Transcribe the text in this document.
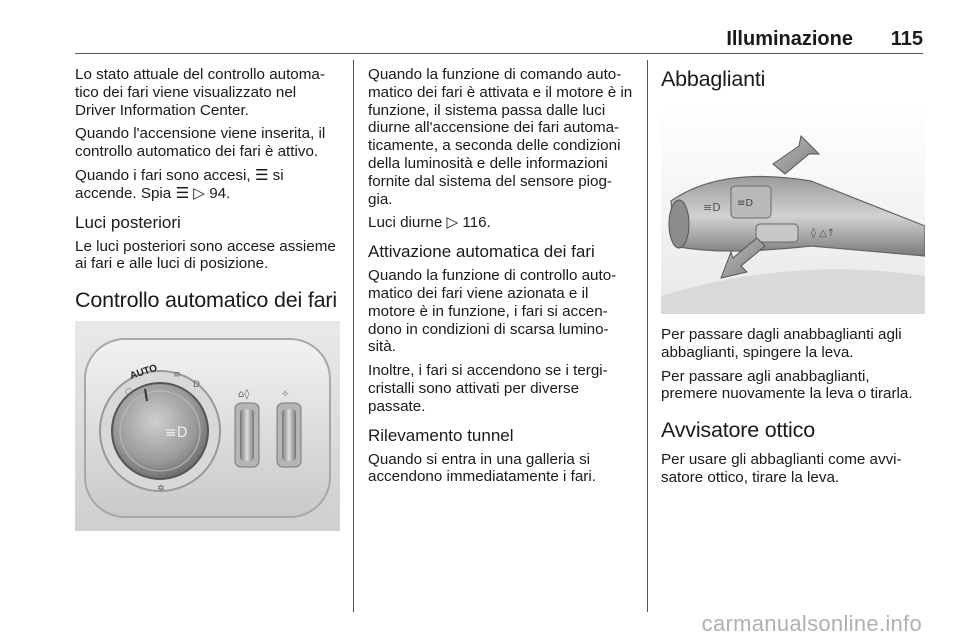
Illuminazione 115

Lo stato attuale del controllo automa-tico dei fari viene visualizzato nel Driver Information Center.

Quando l'accensione viene inserita, il controllo automatico dei fari è attivo.

Quando i fari sono accesi, ☰ si accende. Spia ☰ ▷ 94.

Luci posteriori

Le luci posteriori sono accese assieme ai fari e alle luci di posizione.

Controllo automatico dei fari
AUTO
≡D
○
≡
D
✲
⌂◊	✧

Quando la funzione di comando auto-matico dei fari è attivata e il motore è in funzione, il sistema passa dalle luci diurne all'accensione dei fari automa-ticamente, a seconda delle condizioni della luminosità e delle informazioni fornite dal sistema del sensore piog-gia.

Luci diurne ▷ 116.

Attivazione automatica dei fari

Quando la funzione di controllo auto-matico dei fari viene azionata e il motore è in funzione, i fari si accen-dono in condizioni di scarsa lumino-sità.

Inoltre, i fari si accendono se i tergi-cristalli sono attivati per diverse passate.

Rilevamento tunnel

Quando si entra in una galleria si accendono immediatamente i fari.

Abbaglianti
≡D ≡D
◊ △↑

Per passare dagli anabbaglianti agli abbaglianti, spingere la leva.

Per passare agli anabbaglianti, premere nuovamente la leva o tirarla.

Avvisatore ottico

Per usare gli abbaglianti come avvi-satore ottico, tirare la leva.

carmanualsonline.info
